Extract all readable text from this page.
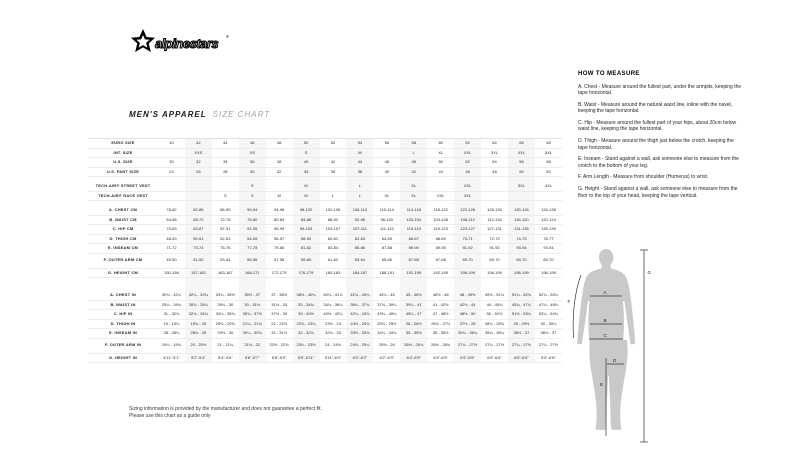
alpinestars ®
MEN'S APPAREL SIZE CHART
EURO SIZE	40	42	44	46	48	50	52	54	56	58	60	62	64	66	68
INT. SIZE		XXS		XS		S		M		L	XL	XXL	3XL	4XL	5XL
U.S. SIZE	30	32	34	36	38	40	42	44	46	48	50	52	54	56	58
U.S. PANT SIZE	24	26	28	30	32	34	36	38	40	42	44	46	48	50	52

TECH-AIR® STREET VEST				S		M		L		XL		XXL		3XL	4XL
TECH-AIR® RACE VEST			S	S	M	M	L	L	XL	XL	XXL	3XL			

A. CHEST CM	78-82	82-86	86-90	90-94	94-98	98-102	102-106	106-110	110-114	114-118	118-122	122-126	126-130	130-134	134-138
B. WAIST CM	64-68	68-72	72-76	76-80	80-84	84-88	88-92	92-96	96-100	100-104	104-108	108-112	112-116	116-120	120-124
C. HIP CM	79-83	83-87	87-91	91-95	95-99	99-103	103-107	107-111	111-115	115-119	119-123	123-127	127-131	131-135	135-139
D. THIGH CM	48-49	50-51	52-53	54-55	56-57	58-59	60-61	62-63	64-65	66-67	68-69	70-71	72-73	74-75	76-77
E. INSEAM CM	71-72	73-74	75-76	77-78	79-80	81-82	83-84	85-86	87-88	89-90	89-90	91-92	91-92	93-94	93-94
F. OUTER ARM CM	49-50	51-52	53-54	55-56	57-58	59-60	61-62	63-64	65-66	67-68	67-68	69-70	69-70	69-70	69-70
G. HEIGHT CM	150-156	157-162	163-167	168-171	172-175	176-179	180-183	184-187	188-191	192-195	192-195	196-199	196-199	196-199	196-199

A. CHEST IN	30¾ - 32¼	32¼ - 33¾	33¾ - 35½	35½ - 37	37 - 38½	38½ - 40¼	40¼ - 41¾	41¾ - 43¼	43¼ - 45	45 - 46½	46½ - 48	48 - 49½	49½ - 51¼	51¼ - 52¾	52¾ - 54¼
B. WAIST IN	25¼ - 26¾	26¾ - 28¼	28¼ - 30	30 - 31½	31½ - 33	33 - 34¾	34¾ - 36¼	36¼ - 37¾	37¾ - 39¼	39¼ - 41	41 - 42½	42½ - 44	44 - 45¾	45¾ - 47¼	47¼ - 48¾
C. HIP IN	31 - 32¾	32¾ - 34¼	34¼ - 35¾	35¾ - 37½	37½ - 39	39 - 40½	40½ - 42¼	42¼ - 43¾	43¾ - 45¼	45¼ - 47	47 - 48½	48½ - 50	50 - 51½	51½ - 53¼	53¼ - 54¾
D. THIGH IN	19 - 19¼	19¾ - 20	20½ - 20¾	21¼ - 21¾	22 - 22½	22¾ - 23¼	23½ - 24	24½ - 24¾	25¼ - 25½	26 - 26½	26¾ - 27¼	27½ - 28	28¼ - 28¾	29 - 29½	30 - 30¼
E. INSEAM IN	28 - 28¼	28¾ - 29	29½ - 30	30¼ - 30¾	31 - 31½	32 - 32¼	32¾ - 33	33½ - 33¾	34¼ - 34¾	35 - 35½	35 - 35½	35¾ - 36¼	35¾ - 36¼	36½ - 37	36½ - 37
F. OUTER ARM IN	19¼ - 19¾	20 - 20½	21 - 21¼	21¾ - 22	22½ - 22¾	23¼ - 23½	24 - 24½	24¾ - 25¼	25½ - 26	26½ - 26¾	26½ - 26¾	27¼ - 27½	27¼ - 27½	27¼ - 27½	27¼ - 27½
G. HEIGHT IN	4'11"-5'1"	5'2"-5'4"	5'4"-5'6"	5'6"-5'7"	5'8"-5'9"	5'9"-5'11"	5'11"-6'0"	6'0"-6'2"	6'2"-6'3"	6'4"-6'5"	6'4"-6'5"	6'5"-6'6"	6'5"-6'6"	6'5"-6'6"	6'5"-6'6"

HOW TO MEASURE

A. Chest - Measure around the fullest part, under the armpits, keeping the tape horizontal.

B. Waist - Measure around the natural waist line, inline with the navel, keeping the tape horizontal.

C. Hip - Measure around the fullest part of your hips, about 20cm below waist line, keeping the tape horizontal.

D. Thigh - Measure around the thigh just below the crotch, keeping the tape horizontal.

E. Inseam - Stand against a wall, ask someone else to measure from the crotch to the bottom of your leg.

F. Arm Length - Measure from shoulder (Humerus) to wrist.

G. Height - Stand against a wall, ask someone else to measure from the floor to the top of your head, keeping the tape vertical.

A
B
C
D
E
F
G
Sizing information is provided by the manufacturer and does not guarantee a perfect fit.
Please use this chart as a guide only
